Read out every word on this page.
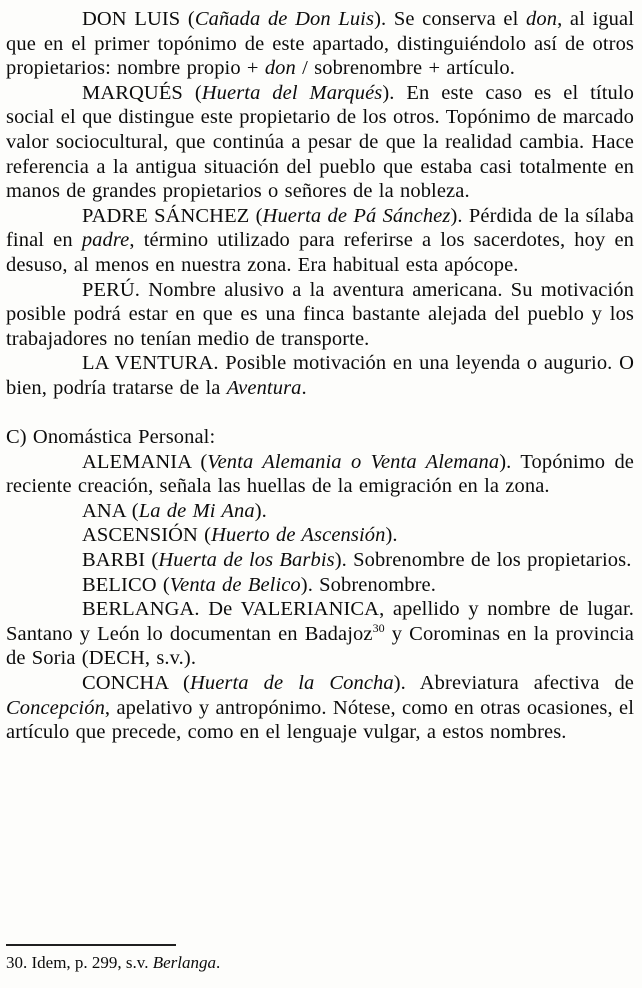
DON LUIS (Cañada de Don Luis). Se conserva el don, al igual que en el primer topónimo de este apartado, distinguiéndolo así de otros propietarios: nombre propio + don / sobrenombre + artículo.

MARQUÉS (Huerta del Marqués). En este caso es el título social el que distingue este propietario de los otros. Topónimo de marcado valor sociocultural, que continúa a pesar de que la realidad cambia. Hace referencia a la antigua situación del pueblo que estaba casi totalmente en manos de grandes propietarios o señores de la nobleza.

PADRE SÁNCHEZ (Huerta de Pá Sánchez). Pérdida de la sílaba final en padre, término utilizado para referirse a los sacerdotes, hoy en desuso, al menos en nuestra zona. Era habitual esta apócope.

PERÚ. Nombre alusivo a la aventura americana. Su motivación posible podrá estar en que es una finca bastante alejada del pueblo y los trabajadores no tenían medio de transporte.

LA VENTURA. Posible motivación en una leyenda o augurio. O bien, podría tratarse de la Aventura.

C) Onomástica Personal:

ALEMANIA (Venta Alemania o Venta Alemana). Topónimo de reciente creación, señala las huellas de la emigración en la zona.

ANA (La de Mi Ana).

ASCENSIÓN (Huerto de Ascensión).

BARBI (Huerta de los Barbis). Sobrenombre de los propietarios.

BELICO (Venta de Belico). Sobrenombre.

BERLANGA. De VALERIANICA, apellido y nombre de lugar. Santano y León lo documentan en Badajoz$^{30}$ y Corominas en la provincia de Soria (DECH, s.v.).

CONCHA (Huerta de la Concha). Abreviatura afectiva de Concepción, apelativo y antropónimo. Nótese, como en otras ocasiones, el artículo que precede, como en el lenguaje vulgar, a estos nombres.

30. Idem, p. 299, s.v. Berlanga.
